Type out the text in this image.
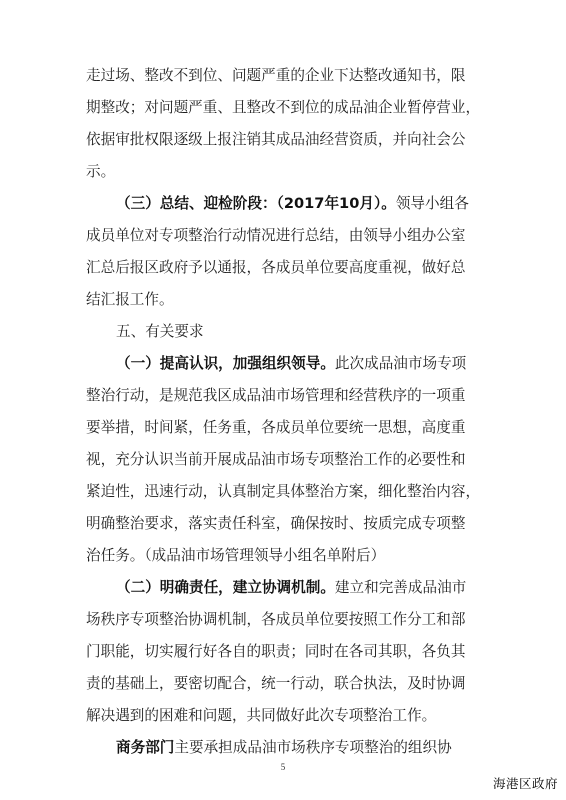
走过场、整改不到位、问题严重的企业下达整改通知书，限
期整改；对问题严重、且整改不到位的成品油企业暂停营业，
依据审批权限逐级上报注销其成品油经营资质，并向社会公
示。
（三）总结、迎检阶段：（2017年10月）。领导小组各
成员单位对专项整治行动情况进行总结，由领导小组办公室
汇总后报区政府予以通报，各成员单位要高度重视，做好总
结汇报工作。
五、有关要求
（一）提高认识，加强组织领导。此次成品油市场专项
整治行动，是规范我区成品油市场管理和经营秩序的一项重
要举措，时间紧，任务重，各成员单位要统一思想，高度重
视，充分认识当前开展成品油市场专项整治工作的必要性和
紧迫性，迅速行动，认真制定具体整治方案，细化整治内容，
明确整治要求，落实责任科室，确保按时、按质完成专项整
治任务。（成品油市场管理领导小组名单附后）
（二）明确责任，建立协调机制。建立和完善成品油市
场秩序专项整治协调机制，各成员单位要按照工作分工和部
门职能，切实履行好各自的职责；同时在各司其职，各负其
责的基础上，要密切配合，统一行动，联合执法，及时协调
解决遇到的困难和问题，共同做好此次专项整治工作。
商务部门主要承担成品油市场秩序专项整治的组织协
5
海港区政府
